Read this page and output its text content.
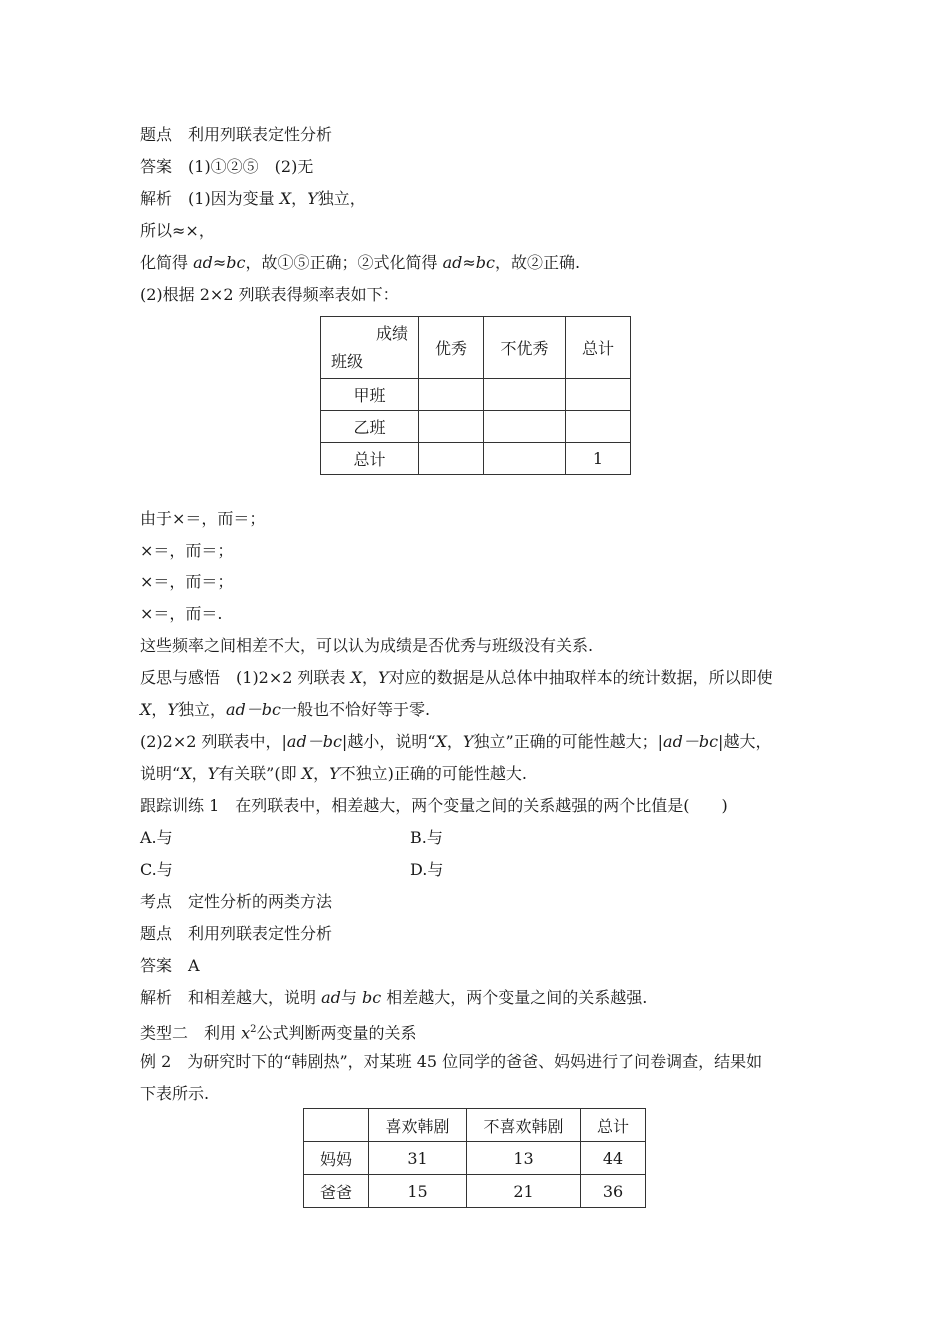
题点  利用列联表定性分析
答案  (1)①②⑤　(2)无
解析  (1)因为变量 X，Y独立，
所以≈×，
化简得 ad≈bc，故①⑤正确；②式化简得 ad≈bc，故②正确.
(2)根据 2×2 列联表得频率表如下：
成绩
班级	优秀	不优秀	总计
甲班			
乙班			
总计			1
由于×＝，而＝；
×＝，而＝；
×＝，而＝；
×＝，而＝.
这些频率之间相差不大，可以认为成绩是否优秀与班级没有关系.
反思与感悟  (1)2×2 列联表 X，Y对应的数据是从总体中抽取样本的统计数据，所以即使
X，Y独立，ad－bc一般也不恰好等于零.
(2)2×2 列联表中，|ad－bc|越小，说明“X，Y独立”正确的可能性越大；|ad－bc|越大，
说明“X，Y有关联”(即 X，Y不独立)正确的可能性越大.
跟踪训练 1　在列联表中，相差越大，两个变量之间的关系越强的两个比值是(　　)
A.与	B.与
C.与	D.与
考点  定性分析的两类方法
题点  利用列联表定性分析
答案  A
解析  和相差越大，说明 ad与 bc 相差越大，两个变量之间的关系越强.
类型二  利用 $x^2$公式判断两变量的关系
例 2　为研究时下的“韩剧热”，对某班 45 位同学的爸爸、妈妈进行了问卷调查，结果如
下表所示.
	喜欢韩剧	不喜欢韩剧	总计
妈妈	31	13	44
爸爸	15	21	36
